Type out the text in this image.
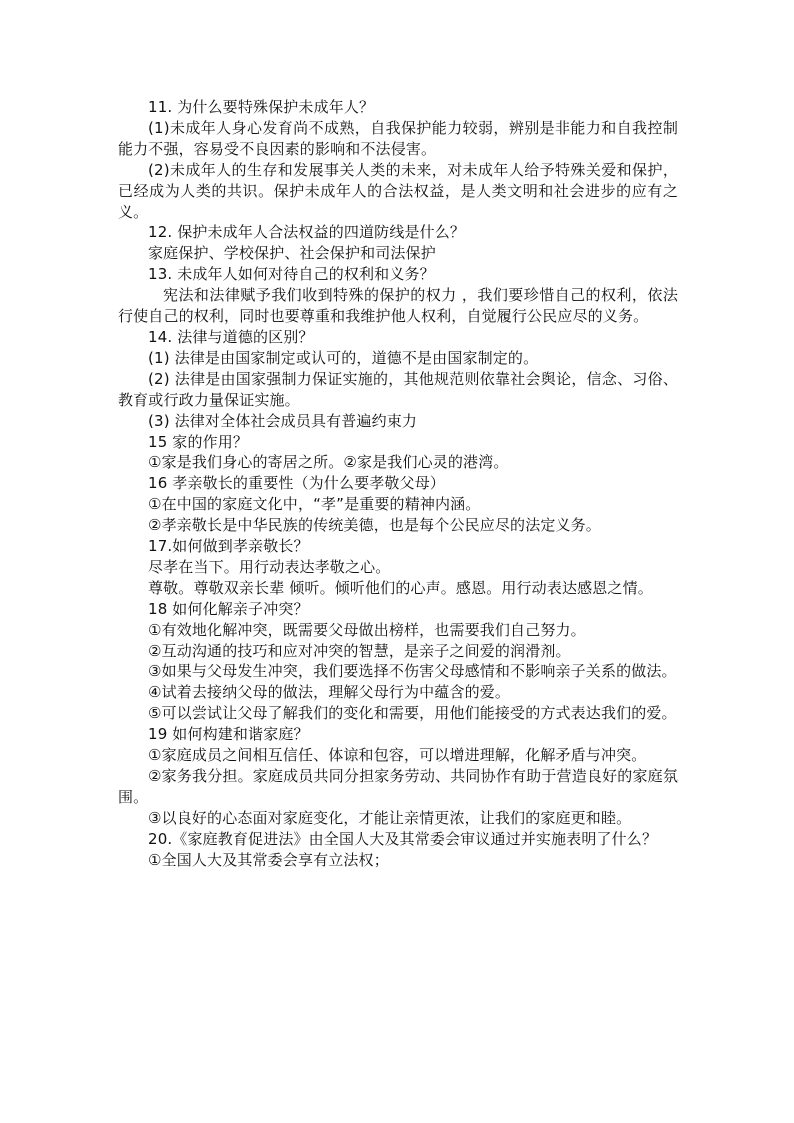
11. 为什么要特殊保护未成年人？

(1)未成年人身心发育尚不成熟，自我保护能力较弱，辨别是非能力和自我控制能力不强，容易受不良因素的影响和不法侵害。

(2)未成年人的生存和发展事关人类的未来，对未成年人给予特殊关爱和保护，已经成为人类的共识。保护未成年人的合法权益，是人类文明和社会进步的应有之义。

12. 保护未成年人合法权益的四道防线是什么？

家庭保护、学校保护、社会保护和司法保护

13. 未成年人如何对待自己的权利和义务？

宪法和法律赋予我们收到特殊的保护的权力 ，我们要珍惜自己的权利，依法行使自己的权利，同时也要尊重和我维护他人权利，自觉履行公民应尽的义务。

14. 法律与道德的区别？

(1) 法律是由国家制定或认可的，道德不是由国家制定的。

(2) 法律是由国家强制力保证实施的，其他规范则依靠社会舆论，信念、习俗、教育或行政力量保证实施。

(3) 法律对全体社会成员具有普遍约束力

15 家的作用？

①家是我们身心的寄居之所。②家是我们心灵的港湾。

16 孝亲敬长的重要性（为什么要孝敬父母）

①在中国的家庭文化中，“孝”是重要的精神内涵。

②孝亲敬长是中华民族的传统美德，也是每个公民应尽的法定义务。

17.如何做到孝亲敬长？

尽孝在当下。用行动表达孝敬之心。

尊敬。尊敬双亲长辈 倾听。倾听他们的心声。感恩。用行动表达感恩之情。

18 如何化解亲子冲突？

①有效地化解冲突，既需要父母做出榜样，也需要我们自己努力。

②互动沟通的技巧和应对冲突的智慧，是亲子之间爱的润滑剂。

③如果与父母发生冲突，我们要选择不伤害父母感情和不影响亲子关系的做法。

④试着去接纳父母的做法，理解父母行为中蕴含的爱。

⑤可以尝试让父母了解我们的变化和需要，用他们能接受的方式表达我们的爱。

19 如何构建和谐家庭？

①家庭成员之间相互信任、体谅和包容，可以增进理解，化解矛盾与冲突。

②家务我分担。家庭成员共同分担家务劳动、共同协作有助于营造良好的家庭氛围。

③以良好的心态面对家庭变化，才能让亲情更浓，让我们的家庭更和睦。

20.《家庭教育促进法》由全国人大及其常委会审议通过并实施表明了什么？

①全国人大及其常委会享有立法权；
